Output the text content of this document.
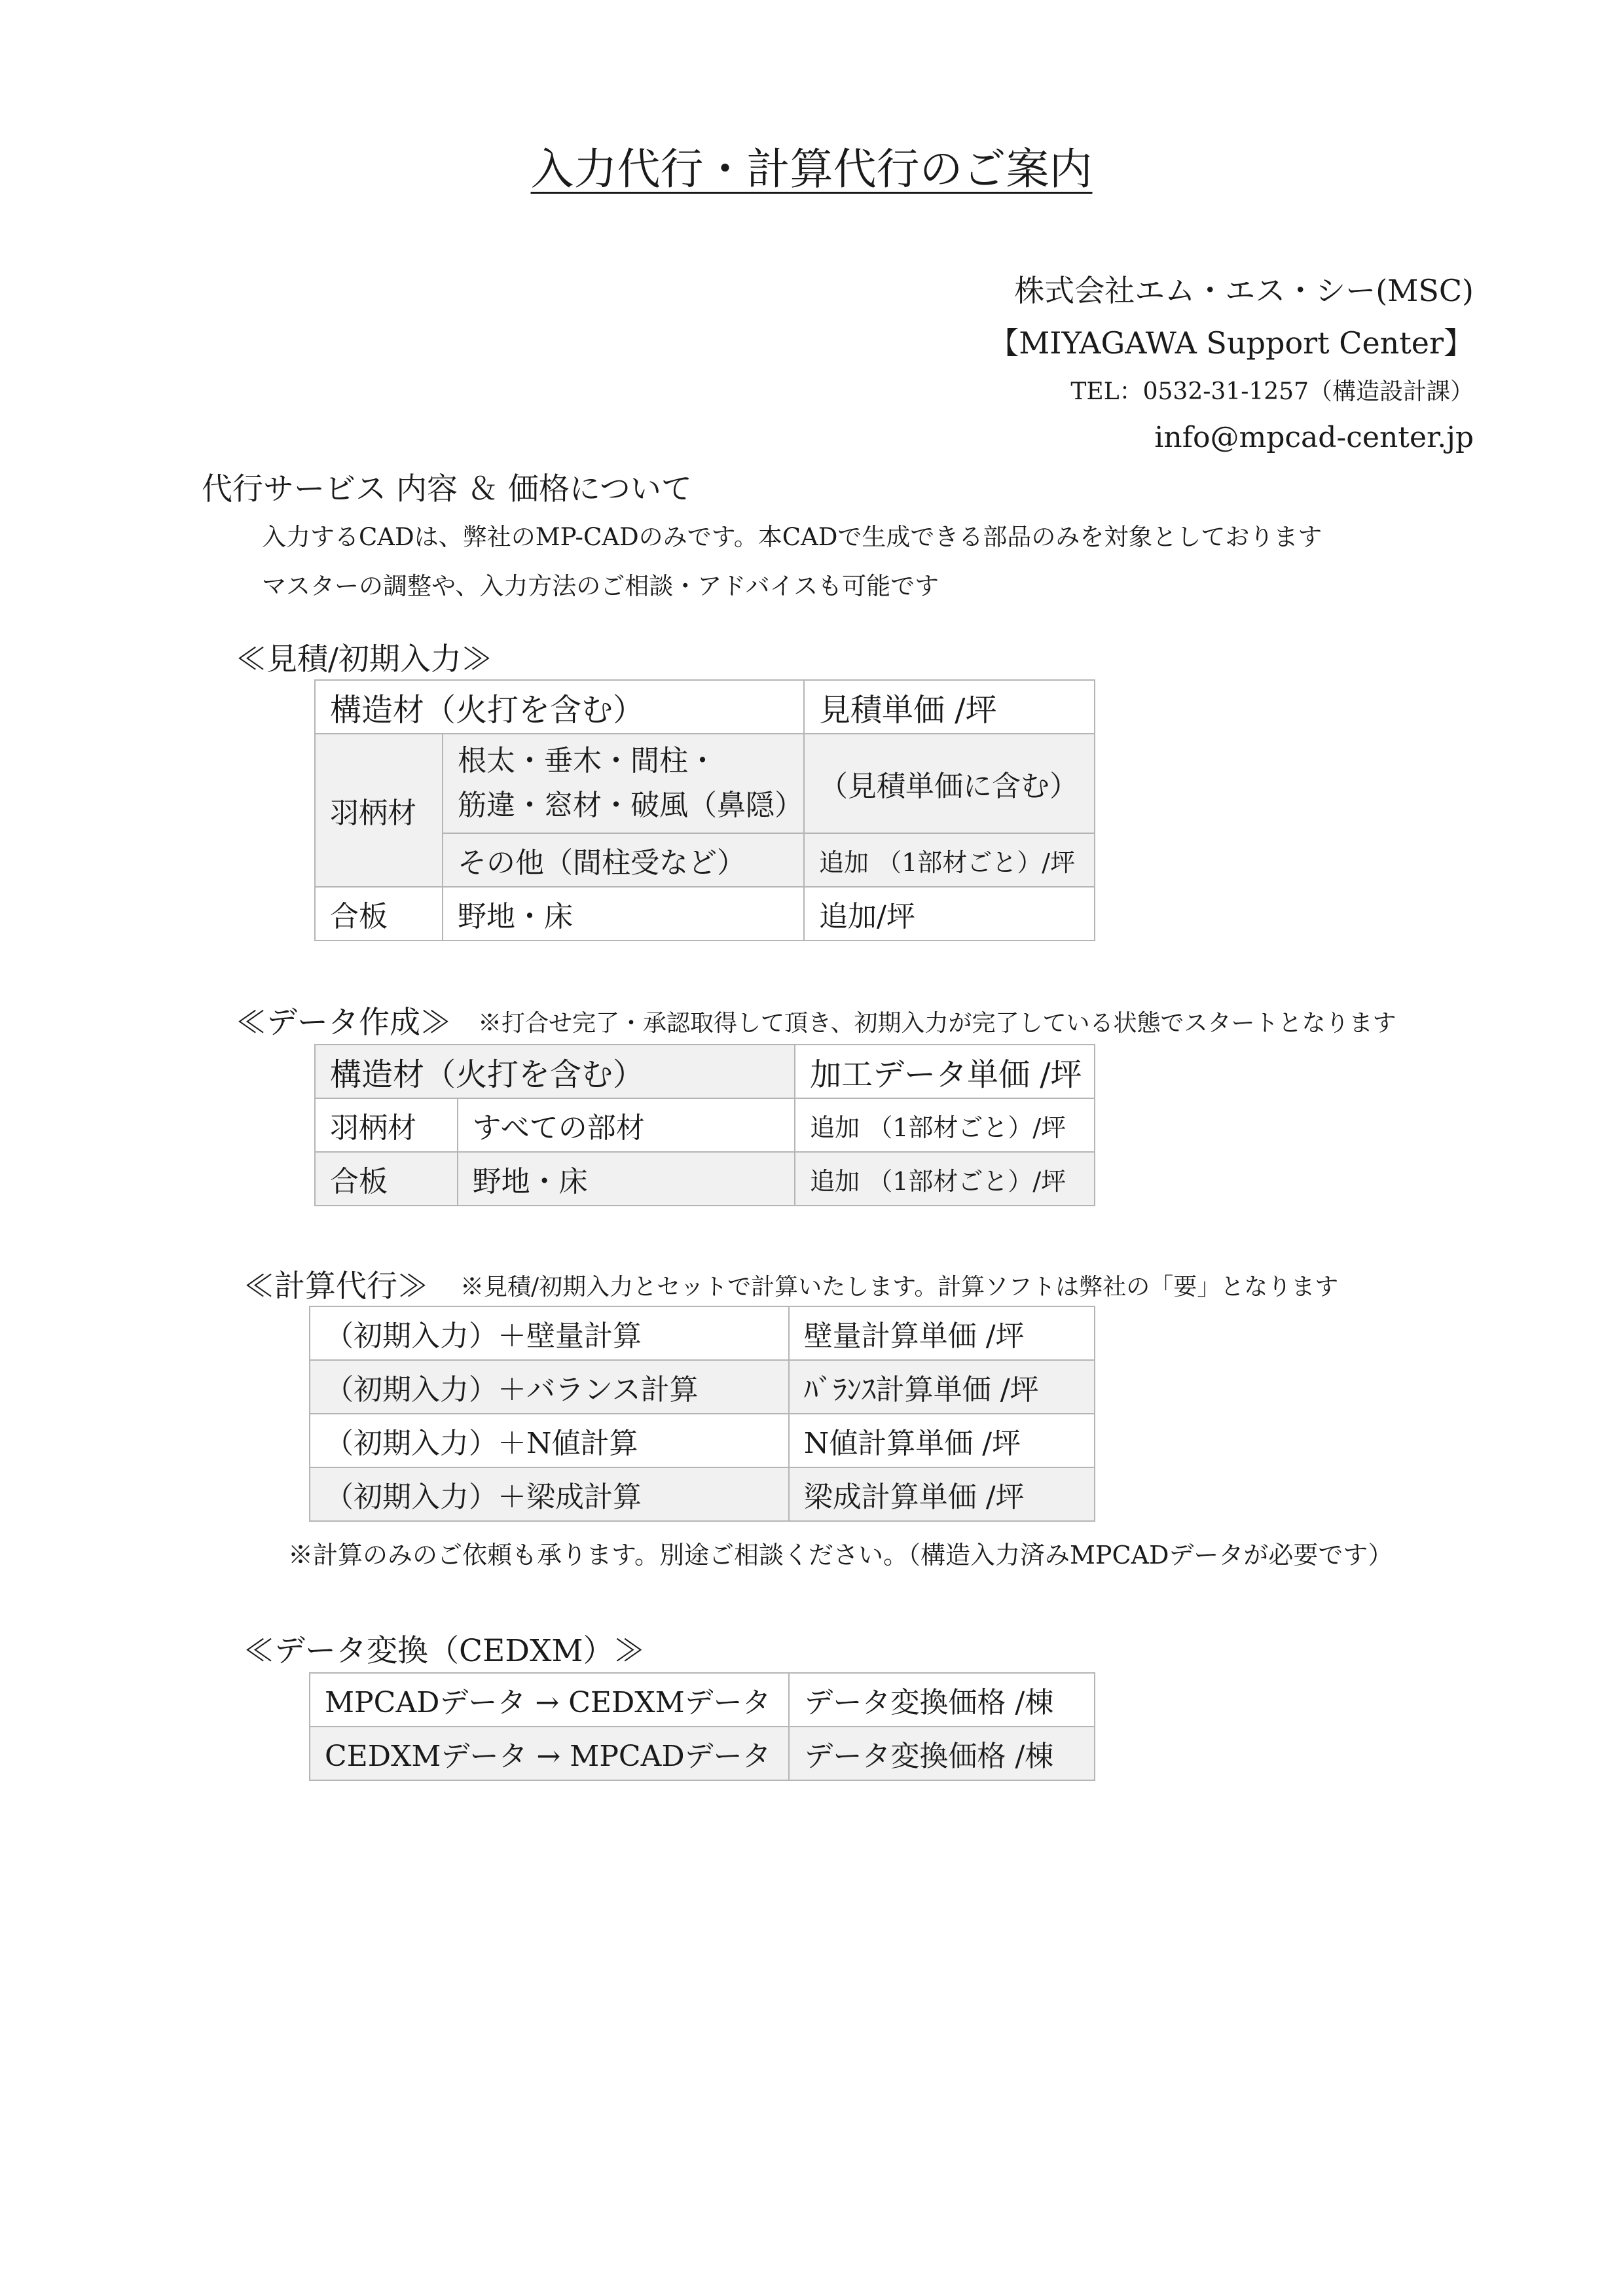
入力代行・計算代行のご案内
株式会社エム・エス・シー(MSC)
【MIYAGAWA Support Center】
TEL：0532-31-1257（構造設計課）
info@mpcad-center.jp
代行サービス 内容 ＆ 価格について
入力するCADは、弊社のMP-CADのみです。本CADで生成できる部品のみを対象としております
マスターの調整や、入力方法のご相談・アドバイスも可能です
≪見積/初期入力≫
構造材（火打を含む）		見積単価 /坪
羽柄材	根太・垂木・間柱・
筋違・窓材・破風（鼻隠）	（見積単価に含む）
	その他（間柱受など）	追加 （1部材ごと）/坪
合板	野地・床	追加/坪
≪データ作成≫ ※打合せ完了・承認取得して頂き、初期入力が完了している状態でスタートとなります
構造材（火打を含む）		加工データ単価 /坪
羽柄材	すべての部材	追加 （1部材ごと）/坪
合板	野地・床	追加 （1部材ごと）/坪
≪計算代行≫ ※見積/初期入力とセットで計算いたします。計算ソフトは弊社の「要」となります
（初期入力）＋壁量計算	壁量計算単価 /坪
（初期入力）＋バランス計算	ﾊﾞﾗﾝｽ計算単価 /坪
（初期入力）＋N値計算	N値計算単価 /坪
（初期入力）＋梁成計算	梁成計算単価 /坪
※計算のみのご依頼も承ります。別途ご相談ください。（構造入力済みMPCADデータが必要です）
≪データ変換（CEDXM）≫
MPCADデータ → CEDXMデータ	データ変換価格 /棟
CEDXMデータ → MPCADデータ	データ変換価格 /棟
